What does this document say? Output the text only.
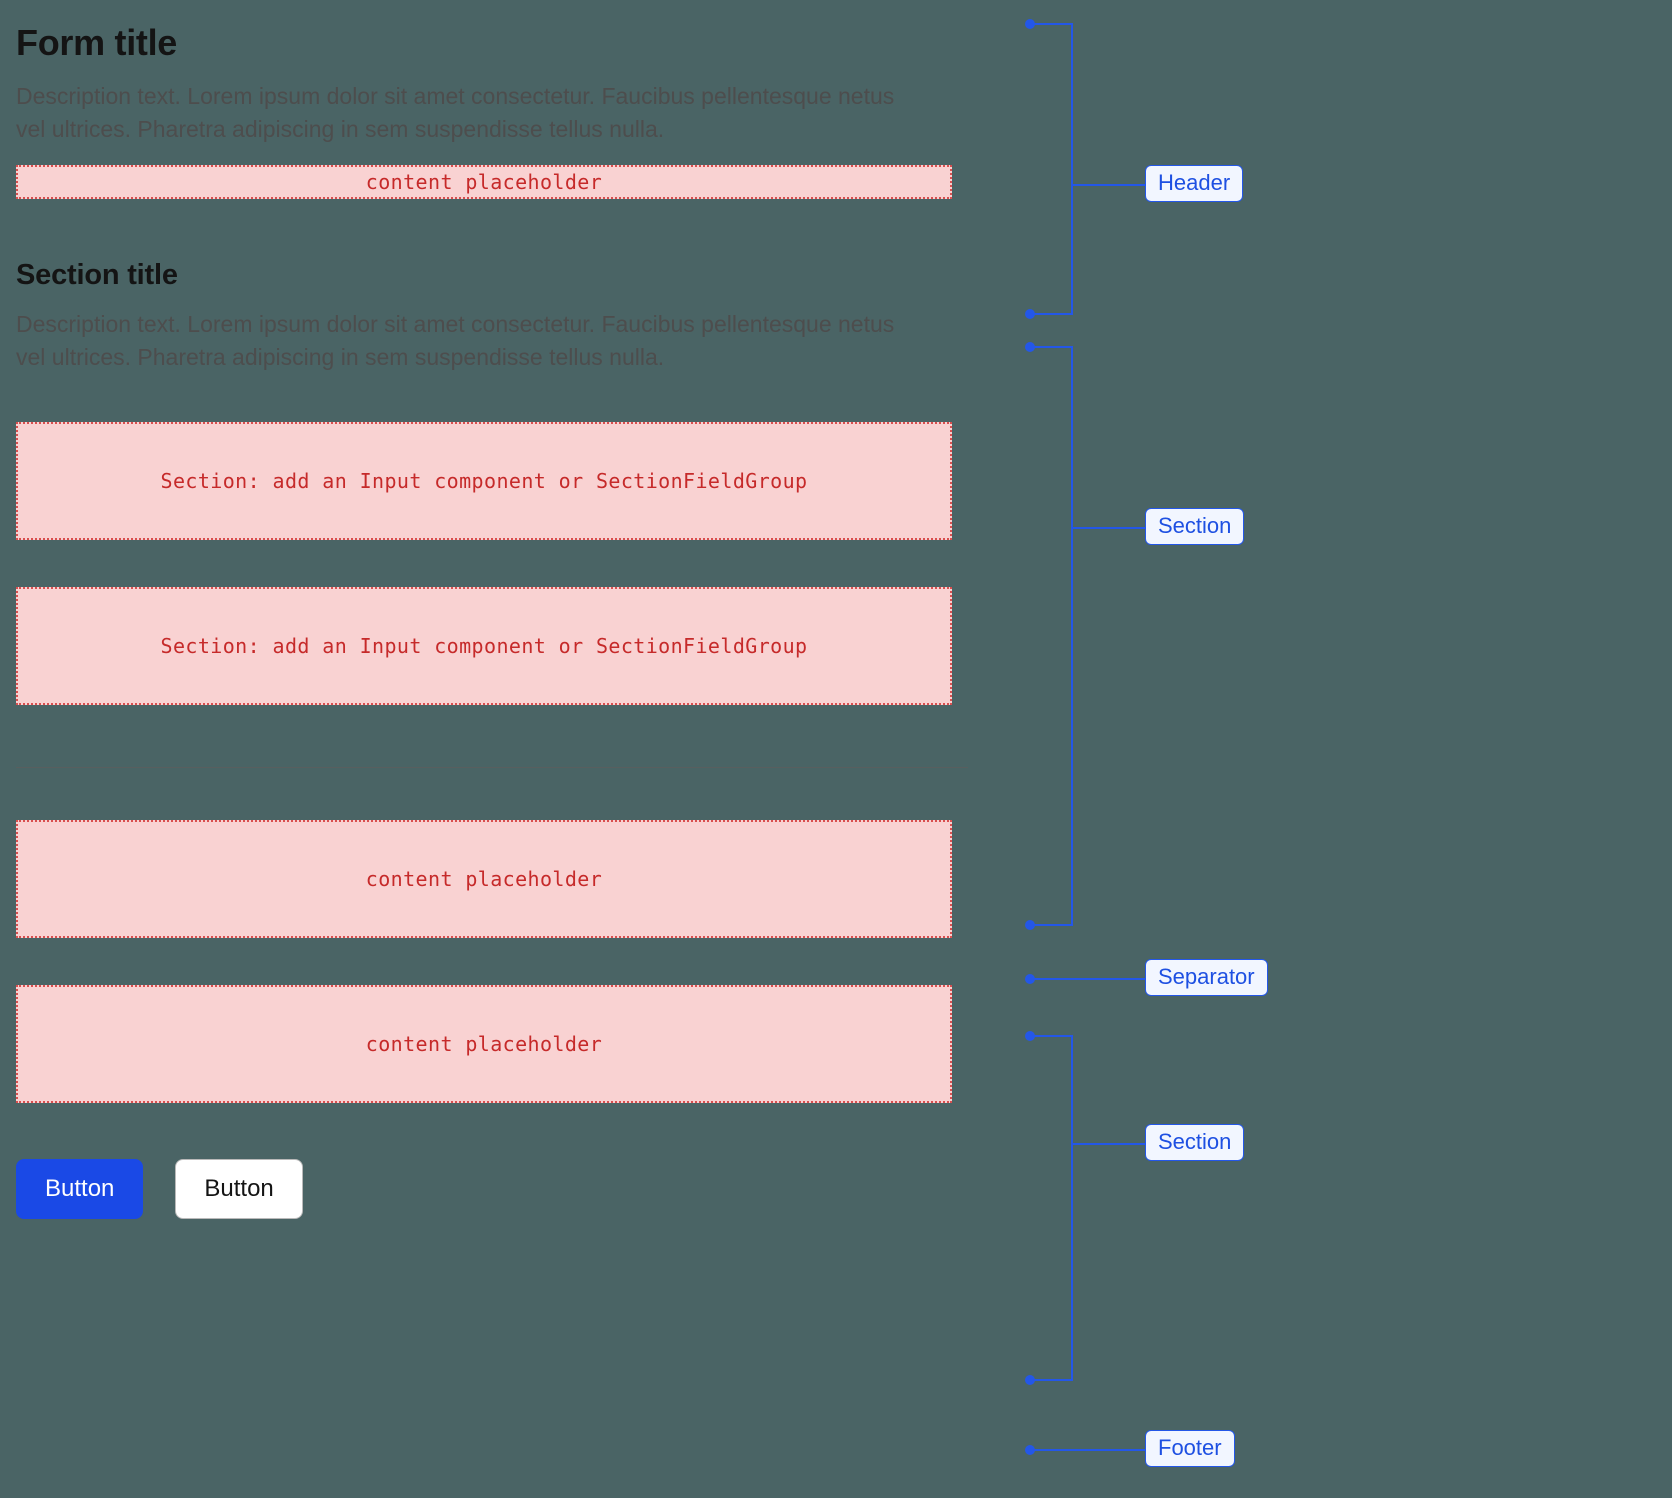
Form title

Description text. Lorem ipsum dolor sit amet consectetur. Faucibus pellentesque netus vel ultrices. Pharetra adipiscing in sem suspendisse tellus nulla.

content placeholder
Section title

Description text. Lorem ipsum dolor sit amet consectetur. Faucibus pellentesque netus vel ultrices. Pharetra adipiscing in sem suspendisse tellus nulla.

Section: add an Input component or SectionFieldGroup
Section: add an Input component or SectionFieldGroup
content placeholder
content placeholder
Button	Button
Header
Section
Separator
Section
Footer
